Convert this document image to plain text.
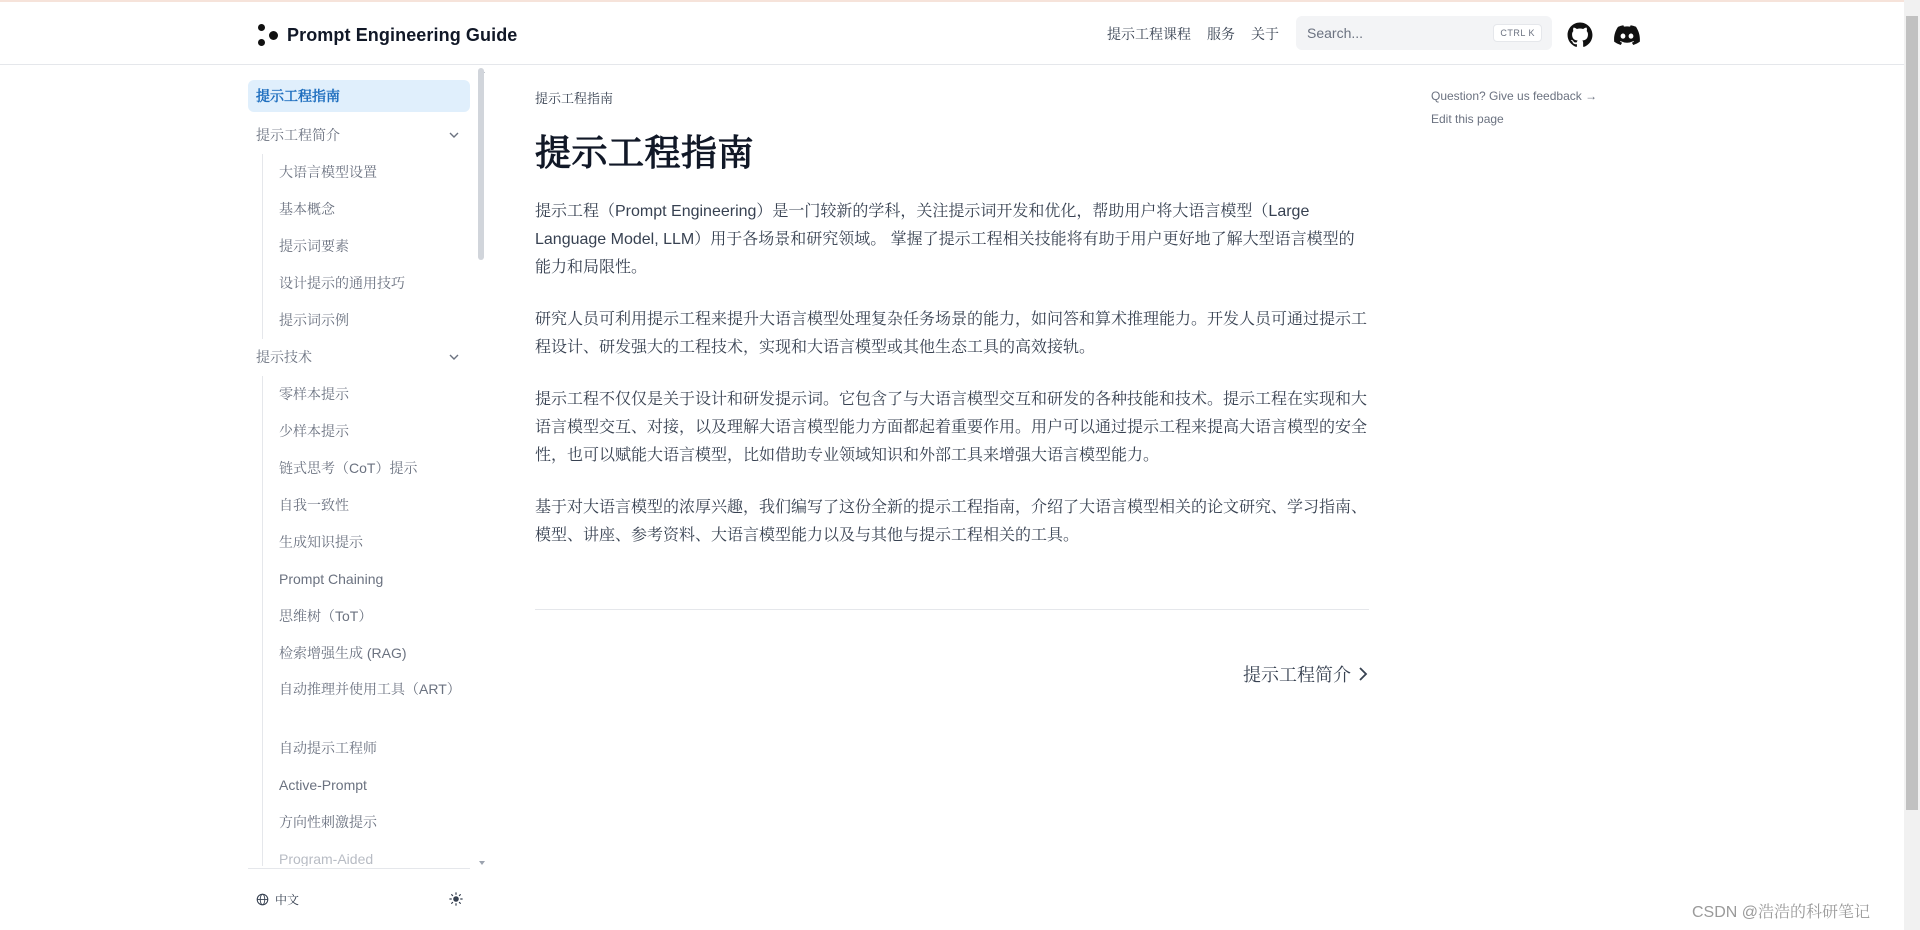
Prompt Engineering Guide	提示工程课程 服务 关于
Search...	CTRL K
提示工程指南
提示工程简介
大语言模型设置
基本概念
提示词要素
设计提示的通用技巧
提示词示例
提示技术
零样本提示
少样本提示
链式思考（CoT）提示
自我一致性
生成知识提示
Prompt Chaining
思维树（ToT）
检索增强生成 (RAG)
自动推理并使用工具（ART）
自动提示工程师
Active-Prompt
方向性刺激提示
Program-Aided
中文
提示工程指南
提示工程指南

提示工程（Prompt Engineering）是一门较新的学科，关注提示词开发和优化，帮助用户将大语言模型（Large Language Model, LLM）用于各场景和研究领域。 掌握了提示工程相关技能将有助于用户更好地了解大型语言模型的能力和局限性。

研究人员可利用提示工程来提升大语言模型处理复杂任务场景的能力，如问答和算术推理能力。开发人员可通过提示工程设计、研发强大的工程技术，实现和大语言模型或其他生态工具的高效接轨。

提示工程不仅仅是关于设计和研发提示词。它包含了与大语言模型交互和研发的各种技能和技术。提示工程在实现和大语言模型交互、对接，以及理解大语言模型能力方面都起着重要作用。用户可以通过提示工程来提高大语言模型的安全性，也可以赋能大语言模型，比如借助专业领域知识和外部工具来增强大语言模型能力。

基于对大语言模型的浓厚兴趣，我们编写了这份全新的提示工程指南，介绍了大语言模型相关的论文研究、学习指南、模型、讲座、参考资料、大语言模型能力以及与其他与提示工程相关的工具。

提示工程简介
Question? Give us feedback →
Edit this page
CSDN @浩浩的科研笔记
